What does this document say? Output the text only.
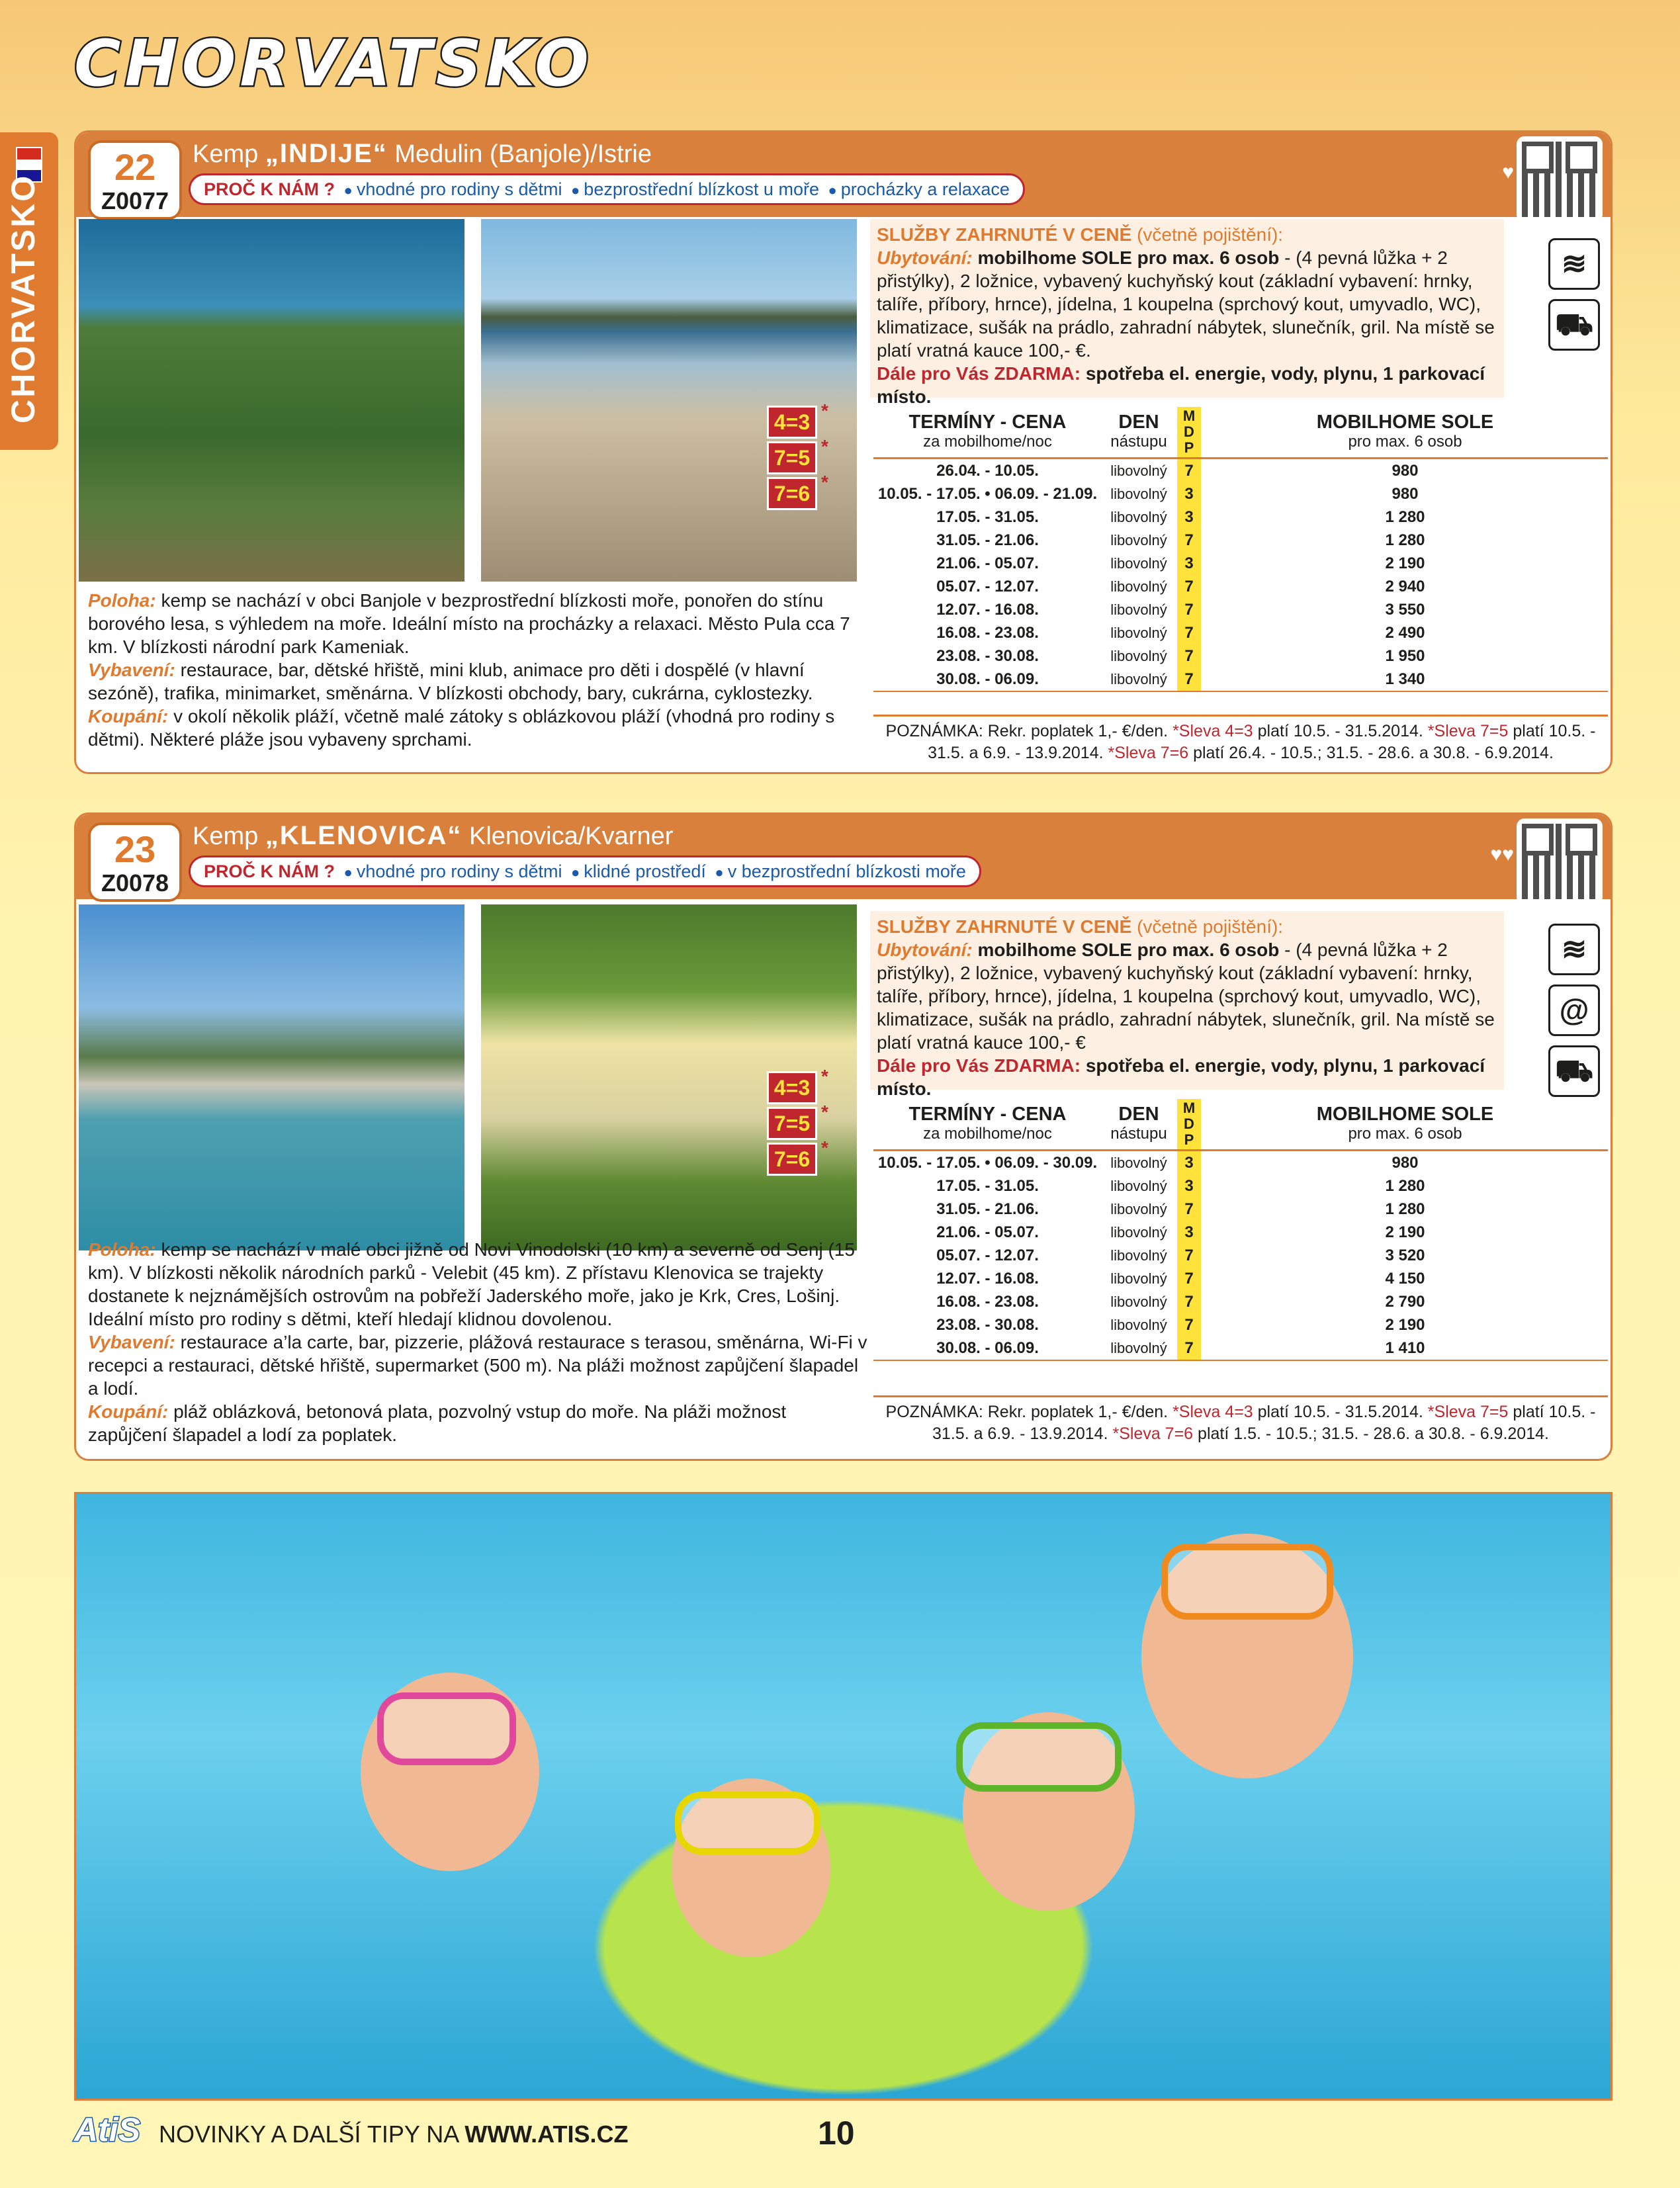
CHORVATSKO
CHORVATSKO
22
Z0077
Kemp „INDIJE“ Medulin (Banjole)/Istrie
PROČ K NÁM ? ● vhodné pro rodiny s dětmi ● bezprostřední blízkost u moře ● procházky a relaxace
♥
4=3
7=5
7=6
*
*
*
Poloha: kemp se nachází v obci Banjole v bezprostřední blízkosti moře, ponořen do stínu borového lesa, s výhledem na moře. Ideální místo na procházky a relaxaci. Město Pula cca 7 km. V blízkosti národní park Kameniak.
Vybavení: restaurace, bar, dětské hřiště, mini klub, animace pro děti i dospělé (v hlavní sezóně), trafika, minimarket, směnárna. V blízkosti obchody, bary, cukrárna, cyklostezky.
Koupání: v okolí několik pláží, včetně malé zátoky s oblázkovou pláží (vhodná pro rodiny s dětmi). Některé pláže jsou vybaveny sprchami.
SLUŽBY ZAHRNUTÉ V CENĚ (včetně pojištění):
Ubytování: mobilhome SOLE pro max. 6 osob - (4 pevná lůžka + 2 přistýlky), 2 ložnice, vybavený kuchyňský kout (základní vybavení: hrnky, talíře, příbory, hrnce), jídelna, 1 koupelna (sprchový kout, umyvadlo, WC), klimatizace, sušák na prádlo, zahradní nábytek, slunečník, gril. Na místě se platí vratná kauce 100,- €.
Dále pro Vás ZDARMA: spotřeba el. energie, vody, plynu, 1 parkovací místo.
≋
⛟
TERMÍNY - CENA
za mobilhome/noc	DEN
nástupu	M D P	MOBILHOME SOLE
pro max. 6 osob

26.04. - 10.05.	libovolný	7	980
10.05. - 17.05. • 06.09. - 21.09.	libovolný	3	980
17.05. - 31.05.	libovolný	3	1 280
31.05. - 21.06.	libovolný	7	1 280
21.06. - 05.07.	libovolný	3	2 190
05.07. - 12.07.	libovolný	7	2 940
12.07. - 16.08.	libovolný	7	3 550
16.08. - 23.08.	libovolný	7	2 490
23.08. - 30.08.	libovolný	7	1 950
30.08. - 06.09.	libovolný	7	1 340
POZNÁMKA: Rekr. poplatek 1,- €/den. *Sleva 4=3 platí 10.5. - 31.5.2014. *Sleva 7=5 platí 10.5. - 31.5. a 6.9. - 13.9.2014. *Sleva 7=6 platí 26.4. - 10.5.; 31.5. - 28.6. a 30.8. - 6.9.2014.
23
Z0078
Kemp „KLENOVICA“ Klenovica/Kvarner
PROČ K NÁM ? ● vhodné pro rodiny s dětmi ● klidné prostředí ● v bezprostřední blízkosti moře
♥♥
4=3
7=5
7=6
*
*
*
Poloha: kemp se nachází v malé obci jižně od Novi Vinodolski (10 km) a severně od Senj (15 km). V blízkosti několik národních parků - Velebit (45 km). Z přístavu Klenovica se trajekty dostanete k nejznámějších ostrovům na pobřeží Jaderského moře, jako je Krk, Cres, Lošinj. Ideální místo pro rodiny s dětmi, kteří hledají klidnou dovolenou.
Vybavení: restaurace a’la carte, bar, pizzerie, plážová restaurace s terasou, směnárna, Wi-Fi v recepci a restauraci, dětské hřiště, supermarket (500 m). Na pláži možnost zapůjčení šlapadel a lodí.
Koupání: pláž oblázková, betonová plata, pozvolný vstup do moře. Na pláži možnost zapůjčení šlapadel a lodí za poplatek.
SLUŽBY ZAHRNUTÉ V CENĚ (včetně pojištění):
Ubytování: mobilhome SOLE pro max. 6 osob - (4 pevná lůžka + 2 přistýlky), 2 ložnice, vybavený kuchyňský kout (základní vybavení: hrnky, talíře, příbory, hrnce), jídelna, 1 koupelna (sprchový kout, umyvadlo, WC), klimatizace, sušák na prádlo, zahradní nábytek, slunečník, gril. Na místě se platí vratná kauce 100,- €
Dále pro Vás ZDARMA: spotřeba el. energie, vody, plynu, 1 parkovací místo.
≋
@
⛟
TERMÍNY - CENA
za mobilhome/noc	DEN
nástupu	M D P	MOBILHOME SOLE
pro max. 6 osob

10.05. - 17.05. • 06.09. - 30.09.	libovolný	3	980
17.05. - 31.05.	libovolný	3	1 280
31.05. - 21.06.	libovolný	7	1 280
21.06. - 05.07.	libovolný	3	2 190
05.07. - 12.07.	libovolný	7	3 520
12.07. - 16.08.	libovolný	7	4 150
16.08. - 23.08.	libovolný	7	2 790
23.08. - 30.08.	libovolný	7	2 190
30.08. - 06.09.	libovolný	7	1 410
POZNÁMKA: Rekr. poplatek 1,- €/den. *Sleva 4=3 platí 10.5. - 31.5.2014. *Sleva 7=5 platí 10.5. - 31.5. a 6.9. - 13.9.2014. *Sleva 7=6 platí 1.5. - 10.5.; 31.5. - 28.6. a 30.8. - 6.9.2014.
AtiS NOVINKY A DALŠÍ TIPY NA WWW.ATIS.CZ	10
